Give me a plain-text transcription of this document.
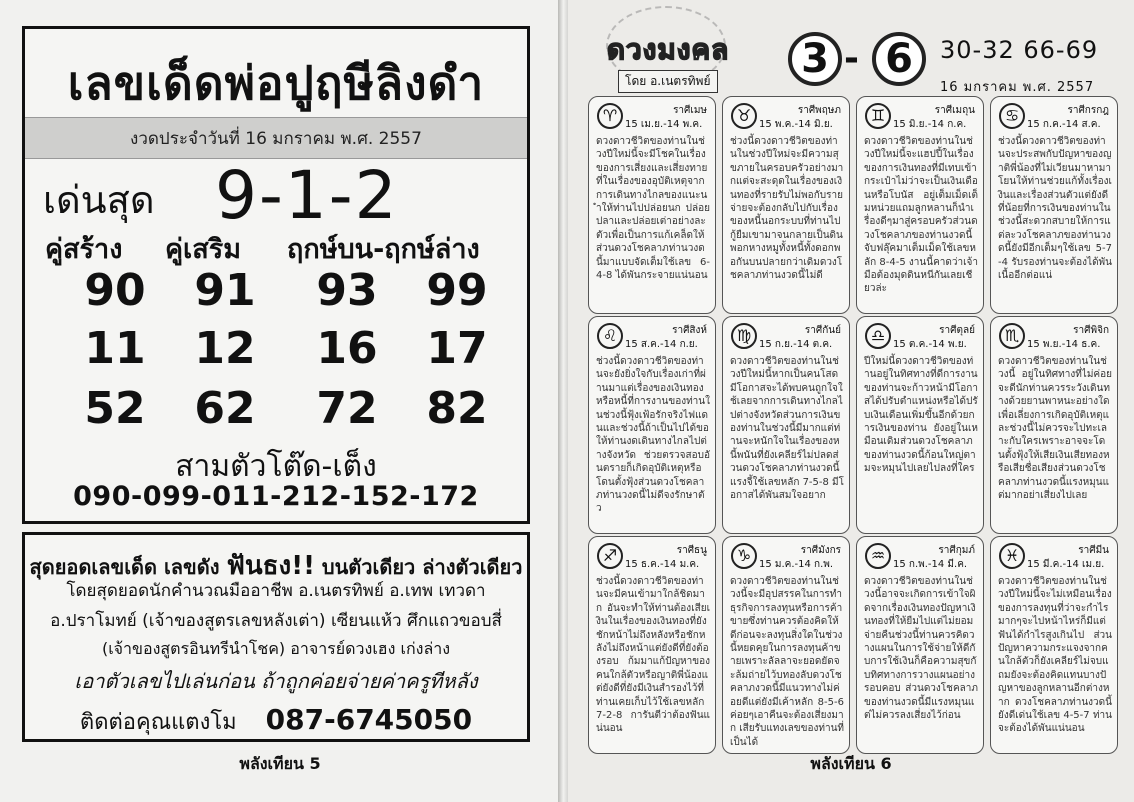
เลขเด็ดพ่อปูฤษีลิงดำ
งวดประจำวันที่ 16 มกราคม พ.ศ. 2557
เด่นสุด 9-1-2
คู่สร้าง คู่เสริม ฤกษ์บน-ฤกษ์ล่าง
90 91 93 99
11 12 16 17
52 62 72 82
สามตัวโต๊ด-เต็ง
090-099-011-212-152-172
สุดยอดเลขเด็ด เลขดัง ฟันธง!! บนตัวเดียว ล่างตัวเดียว
โดยสุดยอดนักคำนวณมืออาชีพ อ.เนตรทิพย์ อ.เทพ เทวดา
อ.ปราโมทย์ (เจ้าของสูตรเลขหลังเต่า) เซียนแห้ว ศึกแถวขอบสี่
(เจ้าของสูตรอินทรีนำโชค) อาจารย์ดวงเฮง เก่งล่าง
เอาตัวเลขไปเล่นก่อน ถ้าถูกค่อยจ่ายค่าครูทีหลัง
ติดต่อคุณแตงโม 087-6745050
พลังเทียน 5
ดวงมงคล
โดย อ.เนตรทิพย์	3 - 6	30-32 66-69
16 มกราคม พ.ศ. 2557
♈	ราศีเมษ
15 เม.ย.-14 พ.ค.
ดวงดาวชีวิตของท่านในช่วงปีใหม่นี้จะมีโชคในเรื่องของการเสี่ยงและเสี่ยงทายที่ในเรื่องของอุบัติเหตุจากการเดินทางไกลของแนะนำให้ท่านไปปล่อยนก ปล่อยปลาและปล่อยเต่าอย่างละตัวเพื่อเป็นการแก้เคล็ดให้ส่วนดวงโชคลาภท่านวงดนี้มาแบบจัดเต็มใช้เลข 6-4-8 ได้พันกระจายแน่นอน
♉	ราศีพฤษภ
15 พ.ค.-14 มิ.ย.
ช่วงนี้ดวงดาวชีวิตของท่านในช่วงปีใหม่จะมีความสุขภายในครอบครัวอย่างมากแต่จะสะดุดในเรื่องของเงินทองที่รายรับไม่พอกับรายจ่ายจะต้องกลับไปกับเรื่องของหนี้นอกระบบที่ท่านไปกู้ยืมเขามาจนกลายเป็นดินพอกหางหมูทั้งหนี้ทั้งดอกพอกันบนปลายกว่าเดิมดวงโชคลาภท่านงวดนี้ไม่ดี
♊	ราศีเมถุน
15 มิ.ย.-14 ก.ค.
ดวงดาวชีวิตของท่านในช่วงปีใหม่นี้จะแฮปปี้ในเรื่องของการเงินทองที่มีเทบเข้ากระเป๋าไม่ว่าจะเป็นเงินเดือนหรือโบนัส อยู่เต็มเม็ดเต็มหน่วยแถมลูกหลานก็นำเรื่องดีๆมาสู่ครอบครัวส่วนดวงโชคลาภของท่านงวดนี้จับฟลุ๊คมาเต็มเม็ดใช้เลขหลัก 8-4-5 งานนี้คาดว่าเจ้ามือต้องมุดดินหนีกันเลยเชียวล่ะ
♋	ราศีกรกฎ
15 ก.ค.-14 ส.ค.
ช่วงนี้ดวงดาวชีวิตของท่านจะประสพกับปัญหาของญาติพี่น้องที่ไม่เวียนมาหามาโยนให้ท่านช่วยแก้ทั้งเรื่องเงินและเรื่องส่วนตัวแต่ยังดีที่น้อยที่การเงินของท่านในช่วงนี้สะดวกสบายให้การแต่ละวงโชคลาภของท่านวงดนี้ยังมีอีกเต็มๆใช้เลข 5-7-4 รับรองท่านจะต้องได้พันเนื้ออีกต่อแน่
♌	ราศีสิงห์
15 ส.ค.-14 ก.ย.
ช่วงนี้ดวงดาวชีวิตของท่านจะยังยิ่งใจกับเรื่องเก่าที่ผ่านมาแต่เรื่องของเงินทองหรือหนี้ที่การงานของท่านในช่วงนี้ฟุ้งเฟ้อรักจริงไฟแดนและช่วงนี้ถ้าเป็นไปได้ขอให้ท่านงดเดินทางไกลไปต่างจังหวัด ช่วยตรวจสอบอันตรายก็เกิดอุบัติเหตุหรือ โดนตั้งฟุ้งส่วนดวงโชคลาภท่านวงดนี้ไม่ดีจงรักษาตัว
♍	ราศีกันย์
15 ก.ย.-14 ต.ค.
ดวงดาวชีวิตของท่านในช่วงปีใหม่นี้หากเป็นคนโสดมีโอกาสจะได้พบคนถูกใจใช้เลยจากการเดินทางไกลไปต่างจังหวัดส่วนการเงินของท่านในช่วงนี้มีมากแต่ท่านจะหนักใจในเรื่องของหนี้พนันที่ยังเคลียร์ไม่ปลดส่วนดวงโชคลาภท่านงวดนี้แรงจี้ใช้เลขหลัก 7-5-8 มีโอกาสได้พันสมใจอยาก
♎	ราศีตุลย์
15 ต.ค.-14 พ.ย.
ปีใหม่นี้ดวงดาวชีวิตของท่านอยู่ในทิศทางที่ดีการงานของท่านจะก้าวหน้ามีโอกาสได้ปรับตำแหน่งหรือได้ปรับเงินเดือนเพิ่มขึ้นอีกด้วยการเงินของท่าน ยังอยู่ในเหมือนเดิมส่วนดวงโชคลาภของท่านงวดนี้ก้อนใหญ่ตามจะหมุนไปเลยไปลงที่ใคร
♏	ราศีพิจิก
15 พ.ย.-14 ธ.ค.
ดวงดาวชีวิตของท่านในช่วงนี้ อยู่ในทิศทางที่ไม่ค่อยจะดีนักท่านควรระวังเดินทางด้วยยานพาหนะอย่างใด เพื่อเลี่ยงการเกิดอุบัติเหตุและช่วงนี้ไม่ควรจะไปทะเลาะกับใครเพราะอาจจะโดนตั้งฟุ้งให้เสียเงินเสียทองหรือเสียชื่อเสียงส่วนดวงโชคลาภท่านงวดนี้แรงหมุนแต่มากอย่าเสี่ยงไปเลย
♐	ราศีธนู
15 ธ.ค.-14 ม.ค.
ช่วงนี้ดวงดาวชีวิตของท่านจะมีคนเข้ามาใกล้ชิดมาก อันจะทำให้ท่านต้องเสียเงินในเรื่องของเงินทองที่ยังชักหน้าไม่ถึงหลังหรือชักหลังไม่ถึงหน้าแต่ยังดีที่ยังต้องรอบ ก้มมาแก้ปัญหาของคนใกล้ตัวหรือญาติพี่น้องแต่ยังดีที่ยังมีเงินสำรองไว้ที่ท่านเคยเก็บไว้ใช้เลขหลัก 7-2-8 การันตีว่าต้องฟันแน่นอน
♑	ราศีมังกร
15 ม.ค.-14 ก.พ.
ดวงดาวชีวิตของท่านในช่วงนี้จะมีอุปสรรคในการทำธุรกิจการลงทุนหรือการค้าขายซึ่งท่านควรต้องคิดให้ดีก่อนจะลงทุนสิ่งใดในช่วงนี้หยดคุยในการลงทุนค้าขายเพราะลัลลาจะยอดยัดจะล้มถ่ายไว้บทองลับดวงโชคลาภงวดนี้มีแนวทางไม่ค่อยดีแต่ยังมีเค้าหลัก 8-5-6 ค่อยๆเอาคืนจะต้องเสี่ยงมาก เสียรับแทงเลขของท่านที่เป็นได้
♒	ราศีกุมภ์
15 ก.พ.-14 มี.ค.
ดวงดาวชีวิตของท่านในช่วงนี้อาจจะเกิดการเข้าใจผิดจากเรื่องเงินทองปัญหาเงินทองที่ให้ยืมไปแต่ไม่ยอมจ่ายคืนช่วงนี้ท่านควรคิดวางแผนในการใช้จ่ายให้ดีกับการใช้เงินก็คือความสุขกับทิศทางการวางแผนอย่างรอบคอบ ส่วนดวงโชคลาภของท่านงวดนี้มีแรงหมุนแต่ไม่ควรลงเสี่ยงไว้ก่อน
♓	ราศีมีน
15 มี.ค.-14 เม.ย.
ดวงดาวชีวิตของท่านในช่วงปีใหม่นี้จะไม่เหมือนเรื่องของการลงทุนที่ว่าจะกำไรมากๆจะไปหน้าไหร่ก็มีแต่ฟันได้กำไรสูงเกินไป ส่วนปัญหาความกระแจงจากคนใกล้ตัวก็ยังเคลียร์ไม่จบแถมยังจะต้องคิดแทนบางปัญหาของลูกหลานอีกต่างหาก ดวงโชคลาภท่านงวดนี้ยังดีเด่นใช้เลข 4-5-7 ท่านจะต้องได้พันแน่นอน
พลังเทียน 6
